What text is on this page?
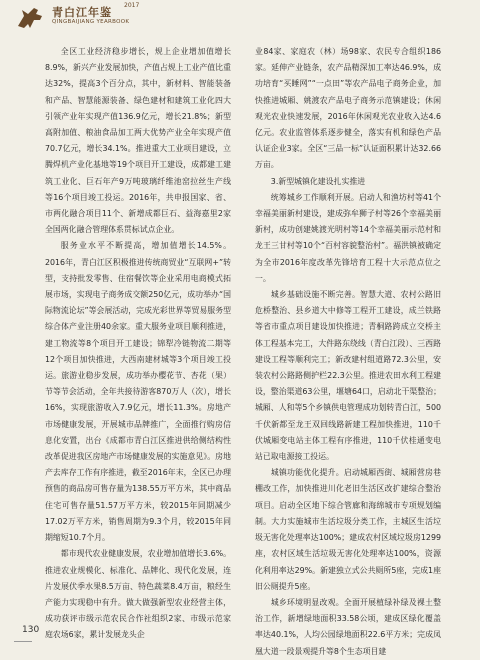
青白江年鉴
2017
QINGBAIJIANG YEARBOOK

全区工业经济稳步增长，规上企业增加值增长8.9%，新兴产业发展加快，产值占规上工业产值比重达32%，提高3个百分点，其中，新材料、智能装备和产品、智慧能源装备、绿色建材和建筑工业化四大引领产业年实现产值136.9亿元，增长21.8%；新型高附加值、粮油食品加工两大优势产业全年实现产值70.7亿元，增长34.1%。推进重大工业项目建设，立腾焊机产业化基地等19个项目开工建设，成都建工建筑工业化、巨石年产9万吨玻璃纤维池窑拉丝生产线等16个项目竣工投运。2016年，共申报国家、省、市两化融合项目11个、新增成都巨石、益海嘉里2家全国两化融合管理体系贯标试点企业。

服务业水平不断提高，增加值增长14.5%。2016年，青白江区积极推进传统商贸业“互联网+”转型，支持批发零售、住宿餐饮等企业采用电商模式拓展市场，实现电子商务成交额250亿元，成功举办“国际物流论坛”等会展活动，完成光彩世界等贸易服务型综合体产业注册40余家。重大服务业项目顺利推进，建工物流等8个项目开工建设；锦犁冷链物流二期等12个项目加快推进，大西南建材城等3个项目竣工投运。旅游业稳步发展，成功举办樱花节、杏花（果）节等节会活动，全年共接待游客870万人（次），增长16%，实现旅游收入7.9亿元，增长11.3%。房地产市场健康发展，开展城市品牌推广，全面推行购房信息化安置，出台《成都市青白江区推进供给侧结构性改革促进我区房地产市场健康发展的实施意见》。房地产去库存工作有序推进，截至2016年末，全区已办理预售的商品房可售存量为138.55万平方米，其中商品住宅可售存量51.57万平方米，较2015年同期减少17.02万平方米，销售周期为9.3个月，较2015年同期缩短10.7个月。

都市现代农业健康发展，农业增加值增长3.6%。推进农业规模化、标准化、品牌化、现代化发展，连片发展伏季水果8.5万亩、特色蔬菜8.4万亩，粮经生产能力实现稳中有升。做大做强新型农业经营主体，成功获评市级示范农民合作社组织2家、市级示范家庭农场6家，累计发展龙头企

业84家、家庭农（林）场98家、农民专合组织186家。延伸产业链条，农产品精深加工率达46.9%，成功培育“买睡网”“一点田”等农产品电子商务企业，加快推进城厢、姚渡农产品电子商务示范镇建设；休闲观光农业快速发展，2016年休闲观光农业收入达4.6亿元。农业监管体系逐步健全，落实有机和绿色产品认证企业3家。全区“三品一标”认证面积累计达32.66万亩。

3.新型城镇化建设扎实推进

统筹城乡工作顺利开展。启动人和渔坊村等41个幸福美丽新村建设，建成弥牟狮子村等26个幸福美丽新村，成功创建姚渡光明村等14个幸福美丽示范村和龙王三甘村等10个“百村容貌整治村”。福洪镇被确定为全市2016年度改革先锋培育工程十大示范点位之一。

城乡基础设施不断完善。智慧大道、农村公路旧危桥整治、县乡道大中修等工程开工建设，成兰铁路等省市重点项目建设加快推进；青桐路跨成立交桥主体工程基本完工，大件路东绕线（青白江段）、三西路建设工程等顺利完工；新改建村组道路72.3公里，安装农村公路路侧护栏22.3公里。推进农田水利工程建设，整治渠道63公里，堰塘64口，启动北干渠整治；城厢、人和等5个乡镇供电管理成功划转青白江，500千伏新都至龙王双回线路新建工程加快推进，110千伏城厢变电站主体工程有序推进，110千伏桂通变电站已取电源接工投运。

城镇功能优化提升。启动城厢西街、城厢营房巷棚改工作，加快推进川化老旧生活区改扩建综合整治项目。启动全区地下综合管廊和海绵城市专项规划编制。大力实施城市生活垃圾分类工作，主城区生活垃圾无害化处理率达100%；建成农村区域垃圾房1299座，农村区域生活垃圾无害化处理率达100%，资源化利用率达29%。新建独立式公共厕所5座，完成1座旧公厕提升5座。

城乡环境明显改观。全面开展植绿补绿及裸土整治工作，新增绿地面积33.58公顷，建成区绿化覆盖率达40.1%，人均公园绿地面积22.6平方米；完成凤凰大道一段景观提升等8个生态项目建

130
